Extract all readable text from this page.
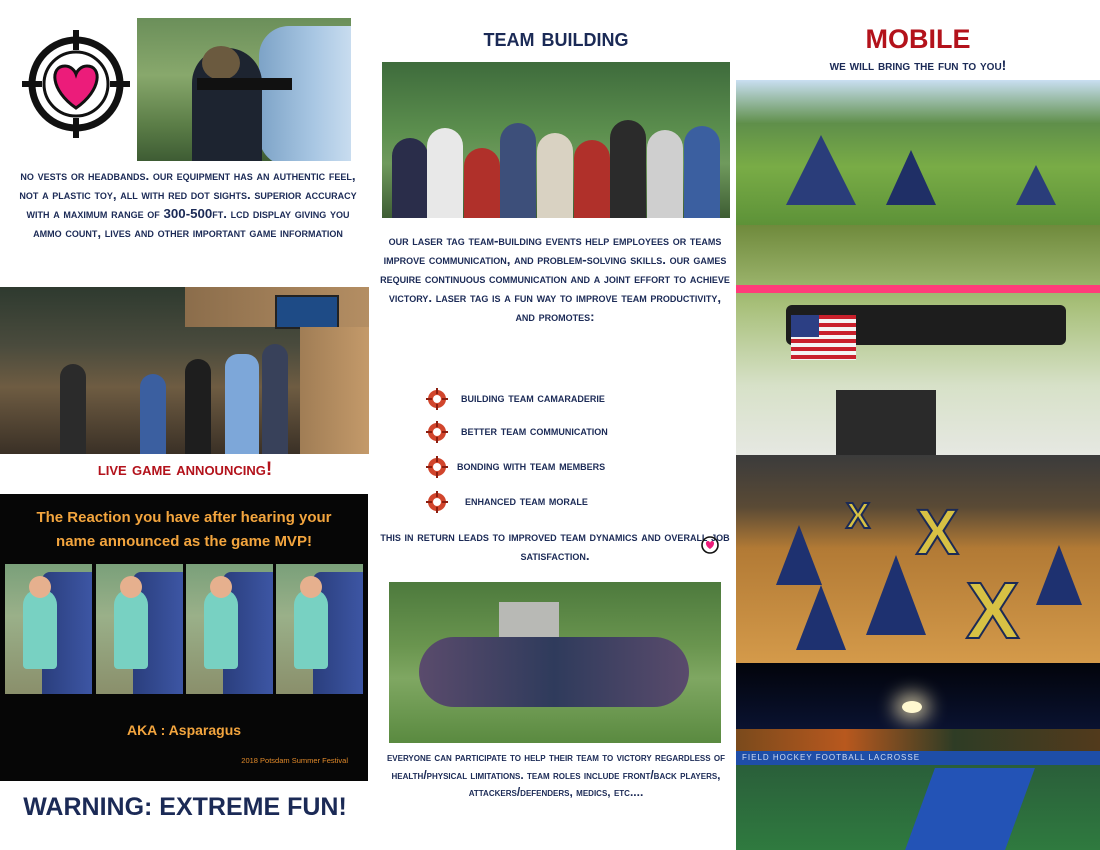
no vests or headbands. our equipment has an authentic feel, not a plastic toy, all with red dot sights. superior accuracy with a maximum range of 300-500ft. lcd display giving you ammo count, lives and other important game information
live game announcing!
The Reaction you have after hearing your
name announced as the game MVP!
AKA : Asparagus
2018 Potsdam Summer Festival
WARNING: EXTREME FUN!
team building
our laser tag team-building events help employees or teams improve communication, and problem-solving skills. our games require continuous communication and a joint effort to achieve victory. laser tag is a fun way to improve team productivity, and promotes:
building team camaraderie
better team communication
bonding with team members
enhanced team morale
this in return leads to improved team dynamics and overall job satisfaction.
everyone can participate to help their team to victory regardless of health/physical limitations. team roles include front/back players, attackers/defenders, medics, etc....
MOBILE
we will bring the fun to you!
X
X
X
FIELD HOCKEY FOOTBALL LACROSSE
